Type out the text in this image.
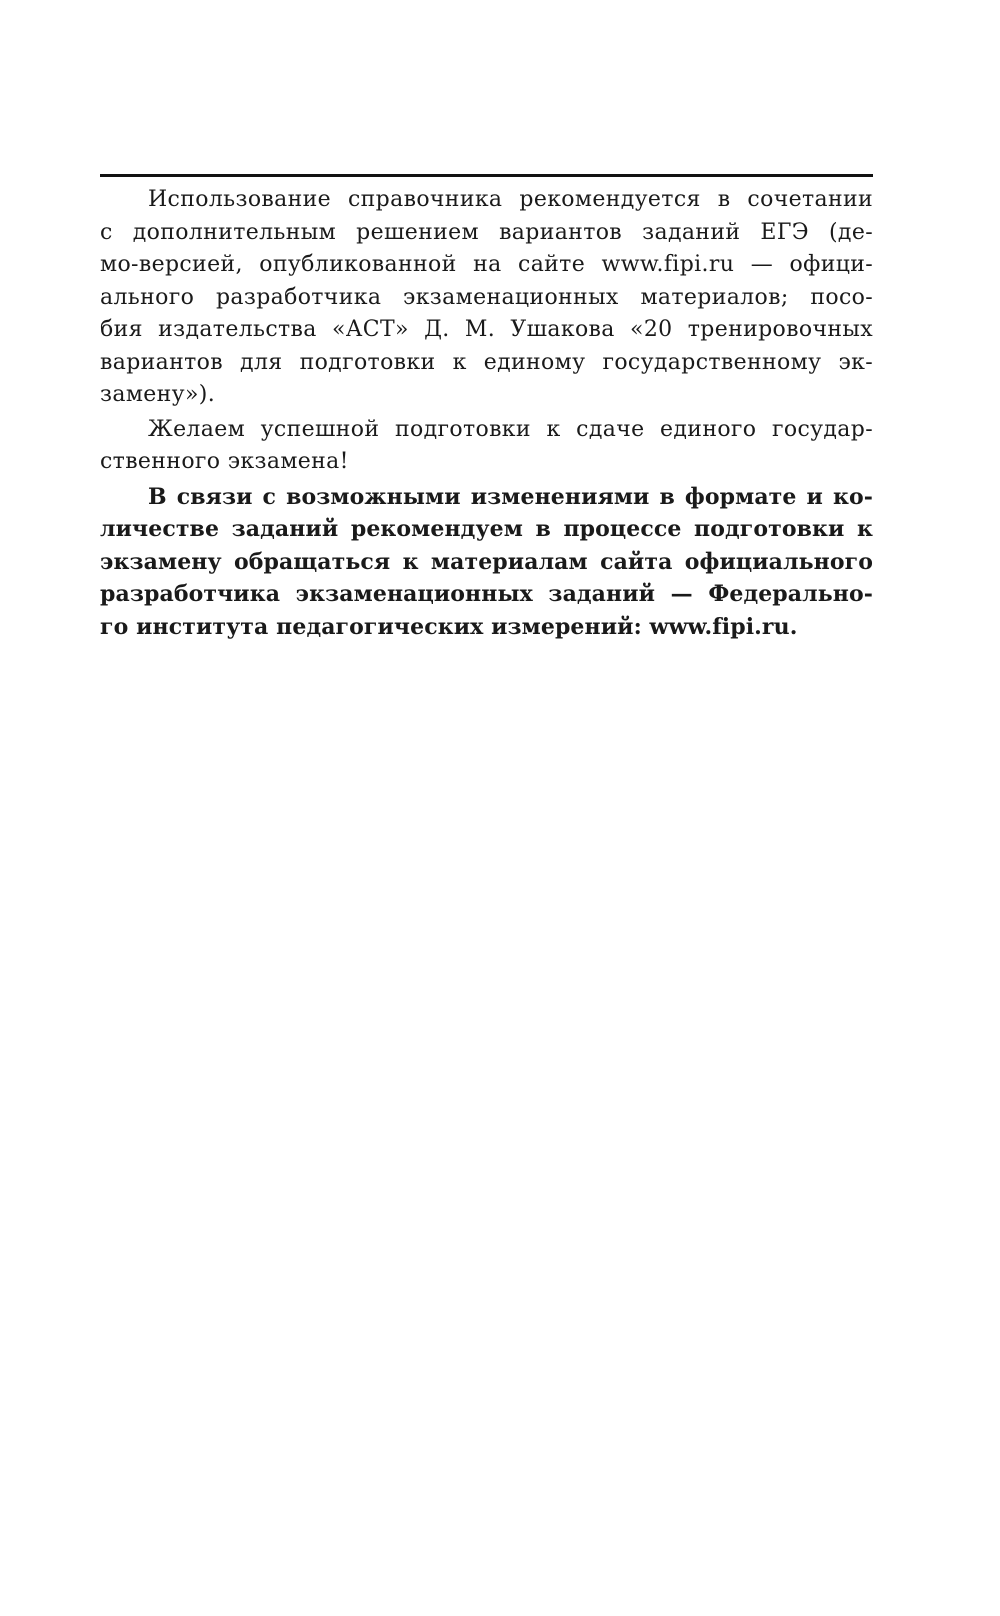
Использование справочника рекомендуется в сочетании
с дополнительным решением вариантов заданий ЕГЭ (де-
мо-версией, опубликованной на сайте www.fipi.ru — офици-
ального разработчика экзаменационных материалов; посо-
бия издательства «АСТ» Д. М. Ушакова «20 тренировочных
вариантов для подготовки к единому государственному эк-
замену»).
Желаем успешной подготовки к сдаче единого государ-
ственного экзамена!
В связи с возможными изменениями в формате и ко-
личестве заданий рекомендуем в процессе подготовки к
экзамену обращаться к материалам сайта официального
разработчика экзаменационных заданий — Федерально-
го института педагогических измерений: www.fipi.ru.
